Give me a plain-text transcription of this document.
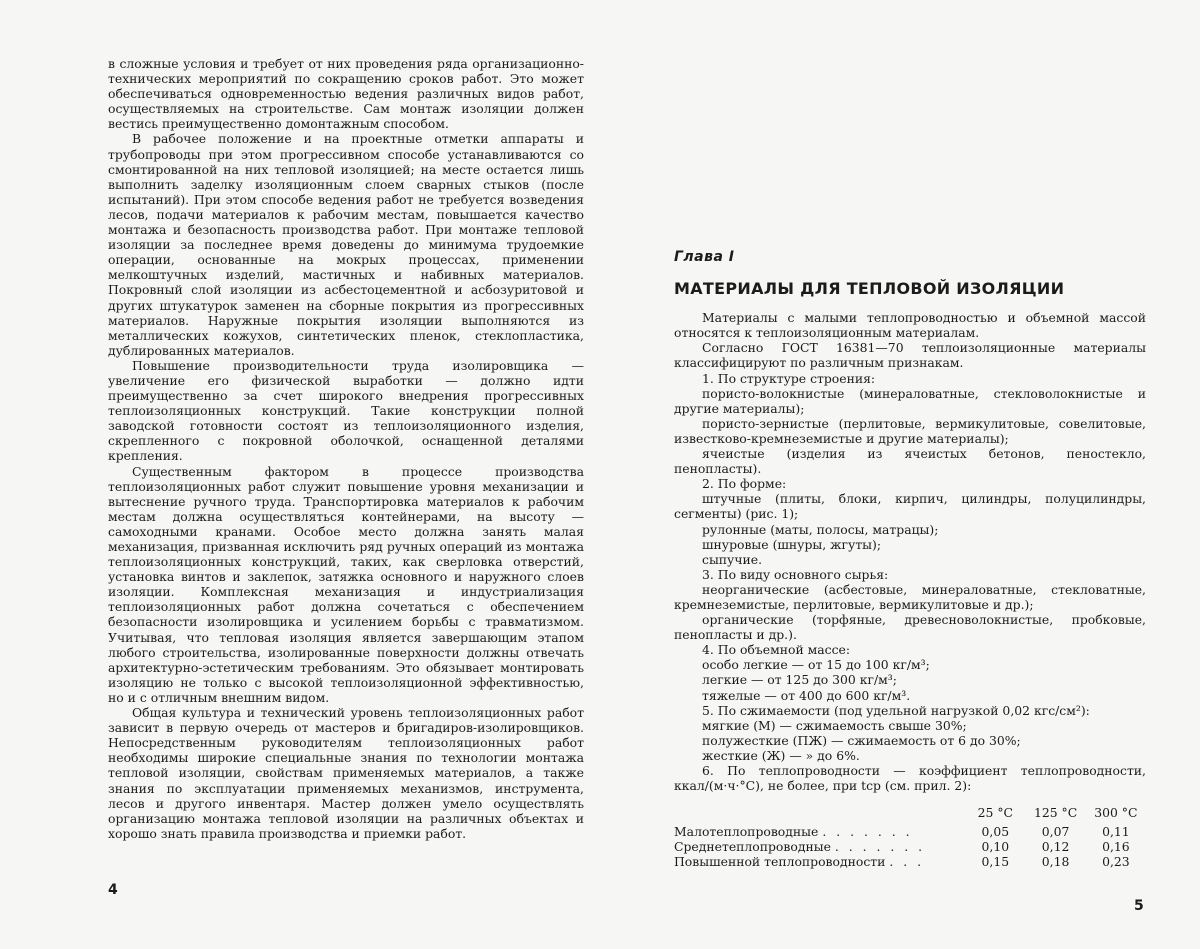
в сложные условия и требует от них проведения ряда организационно-технических мероприятий по сокращению сроков работ. Это может обеспечиваться одновременностью ведения различных видов работ, осуществляемых на строительстве. Сам монтаж изоляции должен вестись преимущественно домонтажным способом.

В рабочее положение и на проектные отметки аппараты и трубопроводы при этом прогрессивном способе устанавливаются со смонтированной на них тепловой изоляцией; на месте остается лишь выполнить заделку изоляционным слоем сварных стыков (после испытаний). При этом способе ведения работ не требуется возведения лесов, подачи материалов к рабочим местам, повышается качество монтажа и безопасность производства работ. При монтаже тепловой изоляции за последнее время доведены до минимума трудоемкие операции, основанные на мокрых процессах, применении мелкоштучных изделий, мастичных и набивных материалов. Покровный слой изоляции из асбестоцементной и асбозуритовой и других штукатурок заменен на сборные покрытия из прогрессивных материалов. Наружные покрытия изоляции выполняются из металлических кожухов, синтетических пленок, стеклопластика, дублированных материалов.

Повышение производительности труда изолировщика — увеличение его физической выработки — должно идти преимущественно за счет широкого внедрения прогрессивных теплоизоляционных конструкций. Такие конструкции полной заводской готовности состоят из теплоизоляционного изделия, скрепленного с покровной оболочкой, оснащенной деталями крепления.

Существенным фактором в процессе производства теплоизоляционных работ служит повышение уровня механизации и вытеснение ручного труда. Транспортировка материалов к рабочим местам должна осуществляться контейнерами, на высоту — самоходными кранами. Особое место должна занять малая механизация, призванная исключить ряд ручных операций из монтажа теплоизоляционных конструкций, таких, как сверловка отверстий, установка винтов и заклепок, затяжка основного и наружного слоев изоляции. Комплексная механизация и индустриализация теплоизоляционных работ должна сочетаться с обеспечением безопасности изолировщика и усилением борьбы с травматизмом. Учитывая, что тепловая изоляция является завершающим этапом любого строительства, изолированные поверхности должны отвечать архитектурно-эстетическим требованиям. Это обязывает монтировать изоляцию не только с высокой теплоизоляционной эффективностью, но и с отличным внешним видом.

Общая культура и технический уровень теплоизоляционных работ зависит в первую очередь от мастеров и бригадиров-изолировщиков. Непосредственным руководителям теплоизоляционных работ необходимы широкие специальные знания по технологии монтажа тепловой изоляции, свойствам применяемых материалов, а также знания по эксплуатации применяемых механизмов, инструмента, лесов и другого инвентаря. Мастер должен умело осуществлять организацию монтажа тепловой изоляции на различных объектах и хорошо знать правила производства и приемки работ.

4
Глава I
МАТЕРИАЛЫ ДЛЯ ТЕПЛОВОЙ ИЗОЛЯЦИИ

Материалы с малыми теплопроводностью и объемной массой относятся к теплоизоляционным материалам.

Согласно ГОСТ 16381—70 теплоизоляционные материалы классифицируют по различным признакам.

1. По структуре строения:

пористо-волокнистые (минераловатные, стекловолокнистые и другие материалы);

пористо-зернистые (перлитовые, вермикулитовые, совелитовые, известково-кремнеземистые и другие материалы);

ячеистые (изделия из ячеистых бетонов, пеностекло, пенопласты).

2. По форме:

штучные (плиты, блоки, кирпич, цилиндры, полуцилиндры, сегменты) (рис. 1);

рулонные (маты, полосы, матрацы);

шнуровые (шнуры, жгуты);

сыпучие.

3. По виду основного сырья:

неорганические (асбестовые, минераловатные, стекловатные, кремнеземистые, перлитовые, вермикулитовые и др.);

органические (торфяные, древесноволокнистые, пробковые, пенопласты и др.).

4. По объемной массе:

особо легкие — от 15 до 100 кг/м³;

легкие — от 125 до 300 кг/м³;

тяжелые — от 400 до 600 кг/м³.

5. По сжимаемости (под удельной нагрузкой 0,02 кгс/см²):

мягкие (М) — сжимаемость свыше 30%;

полужесткие (ПЖ) — сжимаемость от 6 до 30%;

жесткие (Ж) — » до 6%.

6. По теплопроводности — коэффициент теплопроводности, ккал/(м·ч·°С), не более, при tср (см. прил. 2):

	25 °C	125 °C	300 °C
Малотеплопроводные . . . . . . .	0,05	0,07	0,11
Среднетеплопроводные . . . . . . .	0,10	0,12	0,16
Повышенной теплопроводности . . .	0,15	0,18	0,23
5
